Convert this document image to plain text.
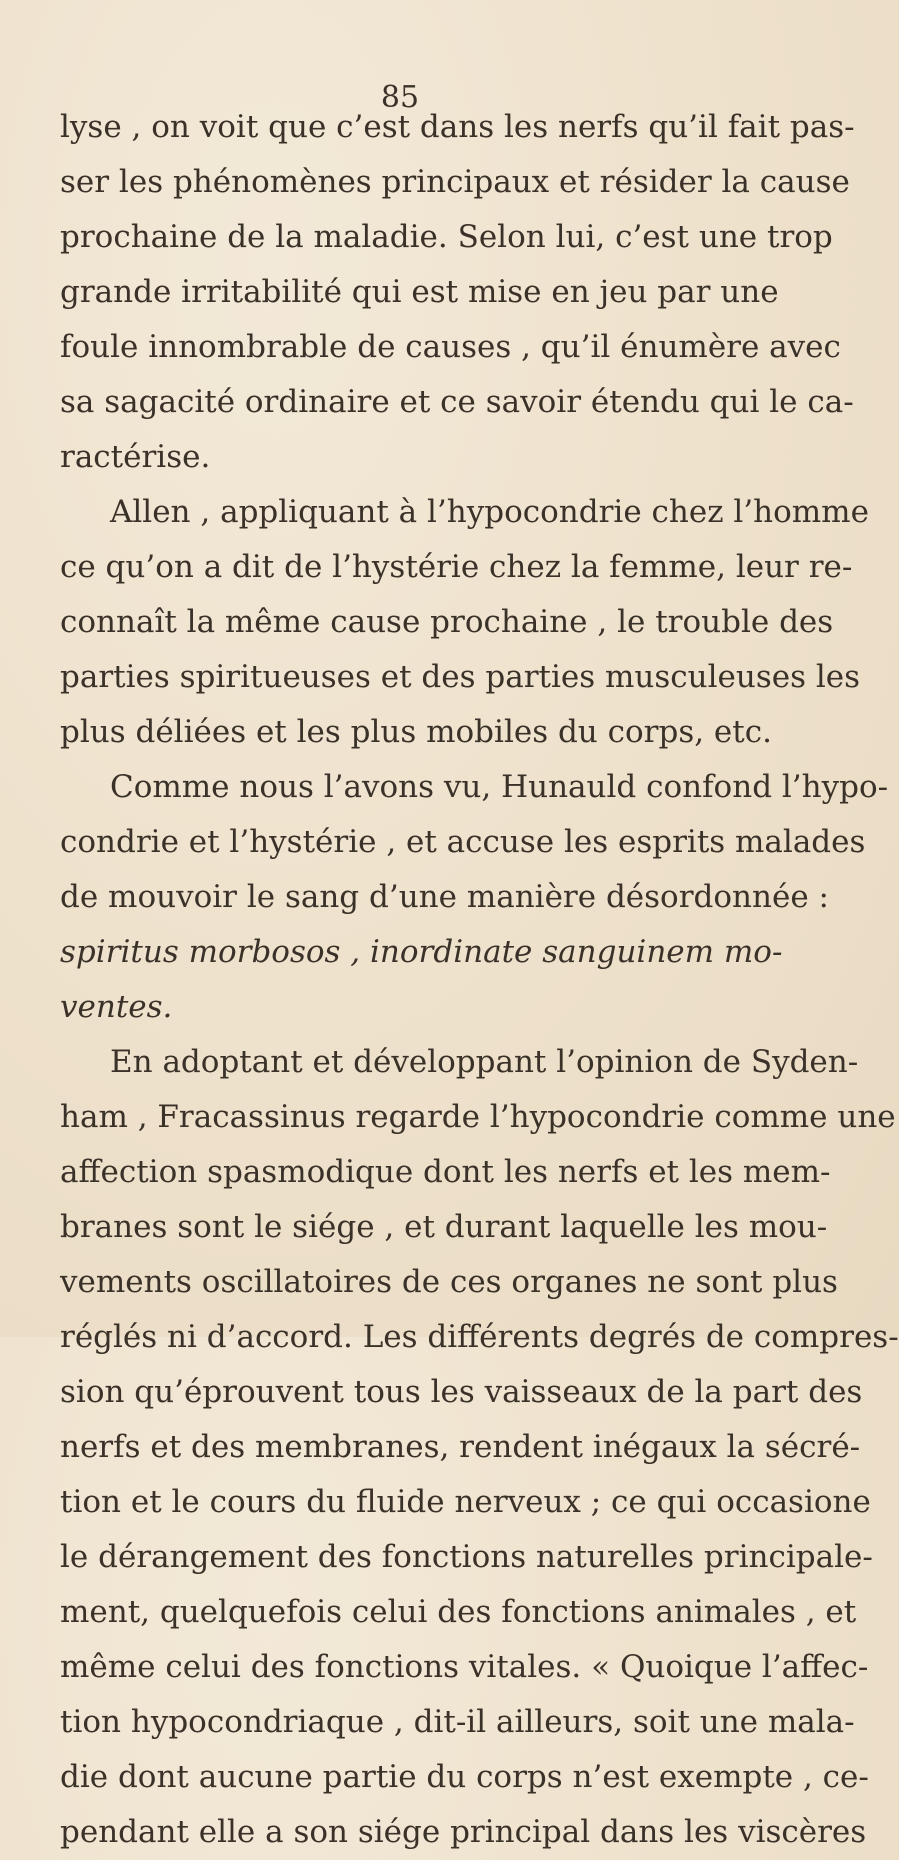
85
lyse , on voit que c’est dans les nerfs qu’il fait pas-
ser les phénomènes principaux et résider la cause
prochaine de la maladie. Selon lui, c’est une trop
grande irritabilité qui est mise en jeu par une
foule innombrable de causes , qu’il énumère avec
sa sagacité ordinaire et ce savoir étendu qui le ca-
ractérise.
Allen , appliquant à l’hypocondrie chez l’homme
ce qu’on a dit de l’hystérie chez la femme, leur re-
connaît la même cause prochaine , le trouble des
parties spiritueuses et des parties musculeuses les
plus déliées et les plus mobiles du corps, etc.
Comme nous l’avons vu, Hunauld confond l’hypo-
condrie et l’hystérie , et accuse les esprits malades
de mouvoir le sang d’une manière désordonnée :
spiritus morbosos , inordinate sanguinem mo-
ventes.
En adoptant et développant l’opinion de Syden-
ham , Fracassinus regarde l’hypocondrie comme une
affection spasmodique dont les nerfs et les mem-
branes sont le siége , et durant laquelle les mou-
vements oscillatoires de ces organes ne sont plus
réglés ni d’accord. Les différents degrés de compres-
sion qu’éprouvent tous les vaisseaux de la part des
nerfs et des membranes, rendent inégaux la sécré-
tion et le cours du fluide nerveux ; ce qui occasione
le dérangement des fonctions naturelles principale-
ment, quelquefois celui des fonctions animales , et
même celui des fonctions vitales. « Quoique l’affec-
tion hypocondriaque , dit-il ailleurs, soit une mala-
die dont aucune partie du corps n’est exempte , ce-
pendant elle a son siége principal dans les viscères
